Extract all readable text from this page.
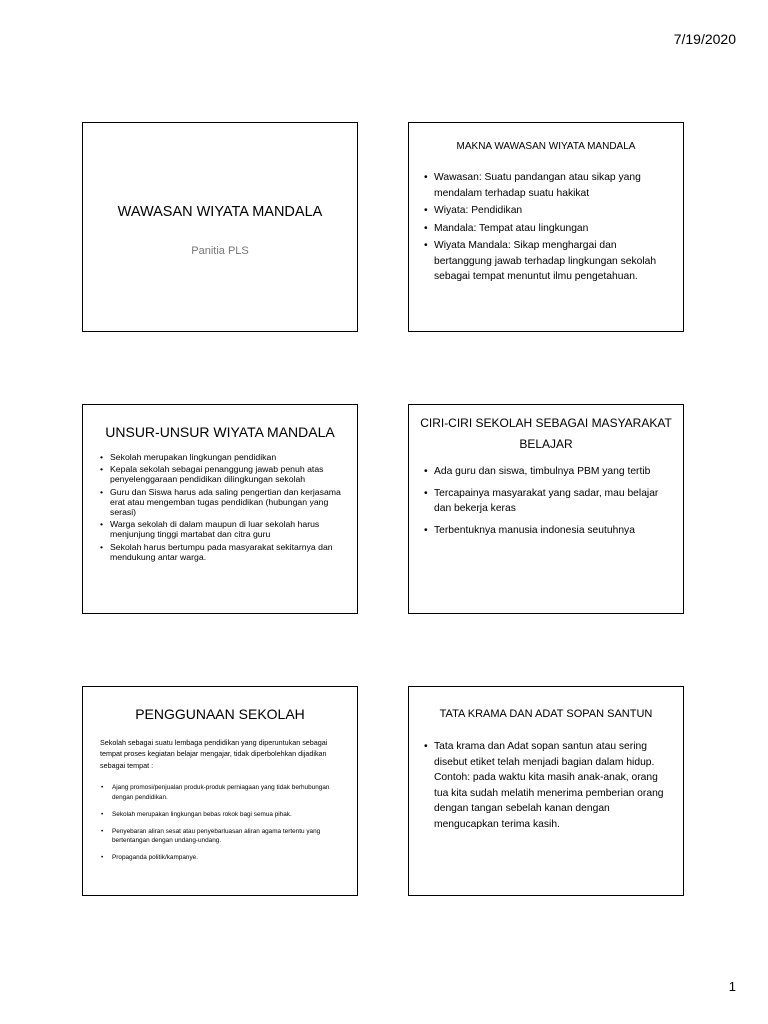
7/19/2020
WAWASAN WIYATA MANDALA
Panitia PLS
MAKNA WAWASAN WIYATA MANDALA
• Wawasan: Suatu pandangan atau sikap yang mendalam terhadap suatu hakikat
• Wiyata: Pendidikan
• Mandala: Tempat atau lingkungan
• Wiyata Mandala: Sikap menghargai dan bertanggung jawab terhadap lingkungan sekolah sebagai tempat menuntut ilmu pengetahuan.
UNSUR-UNSUR WIYATA MANDALA
• Sekolah merupakan lingkungan pendidikan
• Kepala sekolah sebagai penanggung jawab penuh atas penyelenggaraan pendidikan dilingkungan sekolah
• Guru dan Siswa harus ada saling pengertian dan kerjasama erat atau mengemban tugas pendidikan (hubungan yang serasi)
• Warga sekolah di dalam maupun di luar sekolah harus menjunjung tinggi martabat dan citra guru
• Sekolah harus bertumpu pada masyarakat sekitarnya dan mendukung antar warga.
CIRI-CIRI SEKOLAH SEBAGAI MASYARAKAT BELAJAR
• Ada guru dan siswa, timbulnya PBM yang tertib
• Tercapainya masyarakat yang sadar, mau belajar dan bekerja keras
• Terbentuknya manusia indonesia seutuhnya
PENGGUNAAN SEKOLAH
Sekolah sebagai suatu lembaga pendidikan yang diperuntukan sebagai tempat proses kegiatan belajar mengajar, tidak diperbolehkan dijadikan sebagai tempat :
• Ajang promosi/penjualan produk-produk perniagaan yang tidak berhubungan dengan pendidikan.
• Sekolah merupakan lingkungan bebas rokok bagi semua pihak.
• Penyebaran aliran sesat atau penyebarluasan aliran agama tertentu yang bertentangan dengan undang-undang.
• Propaganda politik/kampanye.
TATA KRAMA DAN ADAT SOPAN SANTUN
• Tata krama dan Adat sopan santun atau sering disebut etiket telah menjadi bagian dalam hidup. Contoh: pada waktu kita masih anak-anak, orang tua kita sudah melatih menerima pemberian orang dengan tangan sebelah kanan dengan mengucapkan terima kasih.
1
